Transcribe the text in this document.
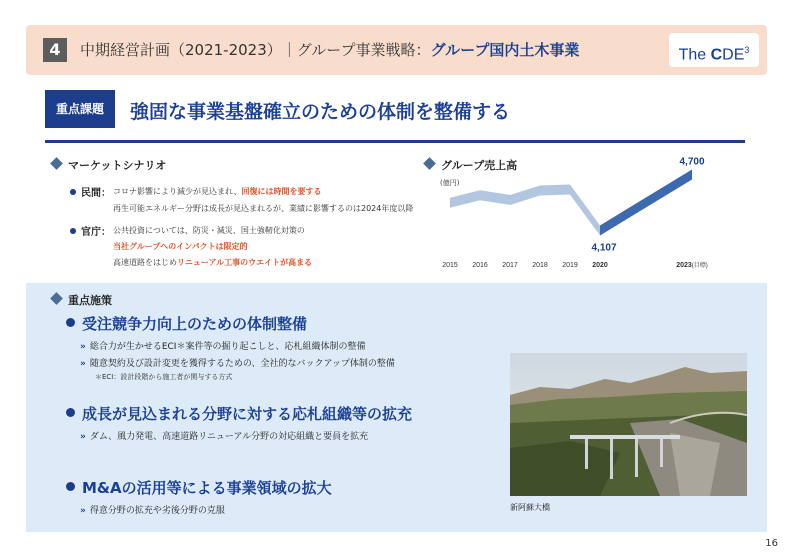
4	中期経営計画（2021-2023）｜グループ事業戦略：グループ国内土木事業	The CDE$^3$
重点課題	強固な事業基盤確立のための体制を整備する
マーケットシナリオ
民間： コロナ影響により減少が見込まれ、回復には時間を要する
再生可能エネルギー分野は成長が見込まれるが、業績に影響するのは2024年度以降
官庁： 公共投資については、防災・減災、国土強靭化対策の
当社グループへのインパクトは限定的
高速道路をはじめリニューアル工事のウエイトが高まる
グループ売上高
(億円)
2015 2016 2017 2018 2019 2020	2023(目標)
4,107
4,700
重点施策
受注競争力向上のための体制整備
» 総合力が生かせるECI＊案件等の掘り起こしと、応札組織体制の整備
» 随意契約及び設計変更を獲得するための、全社的なバックアップ体制の整備
＊ECI：設計段階から施工者が関与する方式
成長が見込まれる分野に対する応札組織等の拡充
» ダム、風力発電、高速道路リニューアル分野の対応組織と要員を拡充
M&Aの活用等による事業領域の拡大
» 得意分野の拡充や劣後分野の克服	新阿蘇大橋
16
